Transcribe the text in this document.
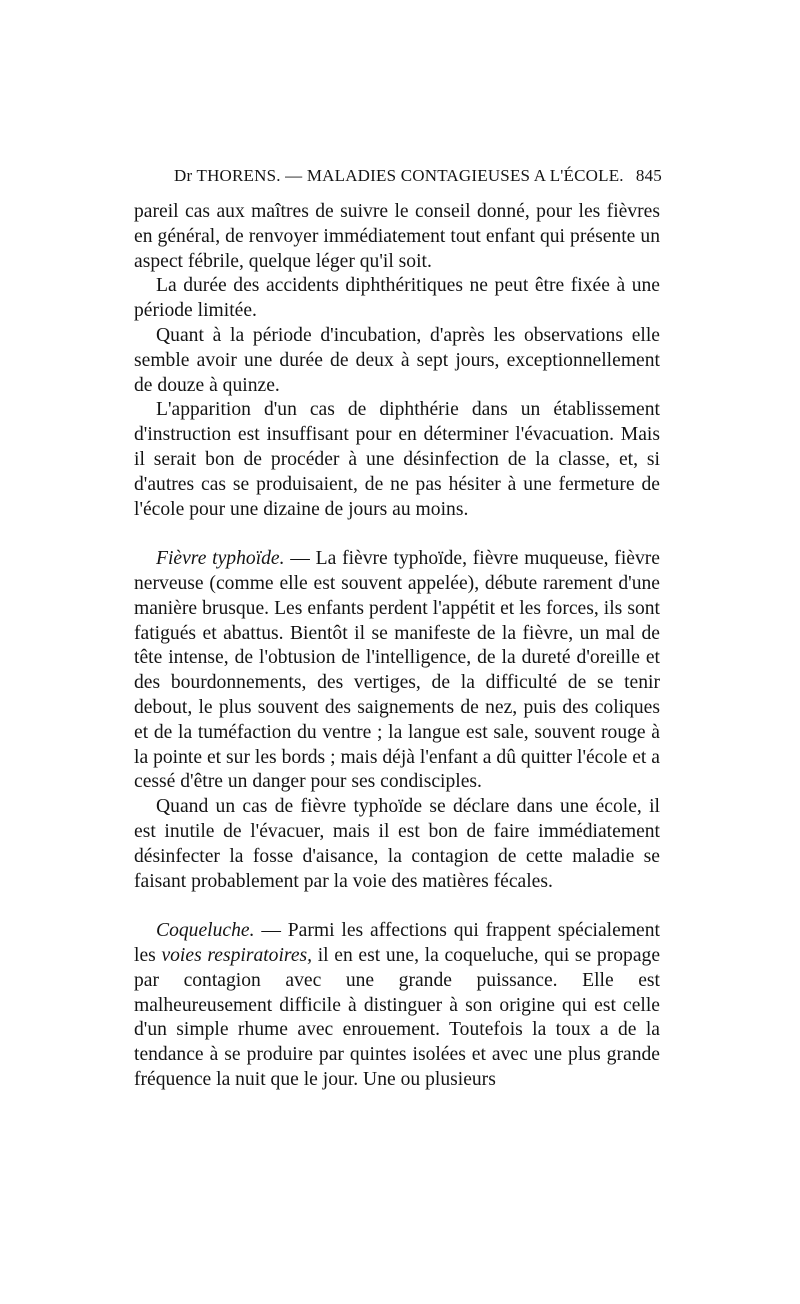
Dr THORENS. — MALADIES CONTAGIEUSES A L'ÉCOLE. 845

pareil cas aux maîtres de suivre le conseil donné, pour les fièvres en général, de renvoyer immédiatement tout enfant qui présente un aspect fébrile, quelque léger qu'il soit.

La durée des accidents diphthéritiques ne peut être fixée à une période limitée.

Quant à la période d'incubation, d'après les observations elle semble avoir une durée de deux à sept jours, exceptionnellement de douze à quinze.

L'apparition d'un cas de diphthérie dans un établissement d'instruction est insuffisant pour en déterminer l'évacuation. Mais il serait bon de procéder à une désinfection de la classe, et, si d'autres cas se produisaient, de ne pas hésiter à une fermeture de l'école pour une dizaine de jours au moins.

Fièvre typhoïde. — La fièvre typhoïde, fièvre muqueuse, fièvre nerveuse (comme elle est souvent appelée), débute rarement d'une manière brusque. Les enfants perdent l'appétit et les forces, ils sont fatigués et abattus. Bientôt il se manifeste de la fièvre, un mal de tête intense, de l'obtusion de l'intelligence, de la dureté d'oreille et des bourdonnements, des vertiges, de la difficulté de se tenir debout, le plus souvent des saignements de nez, puis des coliques et de la tuméfaction du ventre ; la langue est sale, souvent rouge à la pointe et sur les bords ; mais déjà l'enfant a dû quitter l'école et a cessé d'être un danger pour ses condisciples.

Quand un cas de fièvre typhoïde se déclare dans une école, il est inutile de l'évacuer, mais il est bon de faire immédiatement désinfecter la fosse d'aisance, la contagion de cette maladie se faisant probablement par la voie des matières fécales.

Coqueluche. — Parmi les affections qui frappent spécialement les voies respiratoires, il en est une, la coqueluche, qui se propage par contagion avec une grande puissance. Elle est malheureusement difficile à distinguer à son origine qui est celle d'un simple rhume avec enrouement. Toutefois la toux a de la tendance à se produire par quintes isolées et avec une plus grande fréquence la nuit que le jour. Une ou plusieurs
